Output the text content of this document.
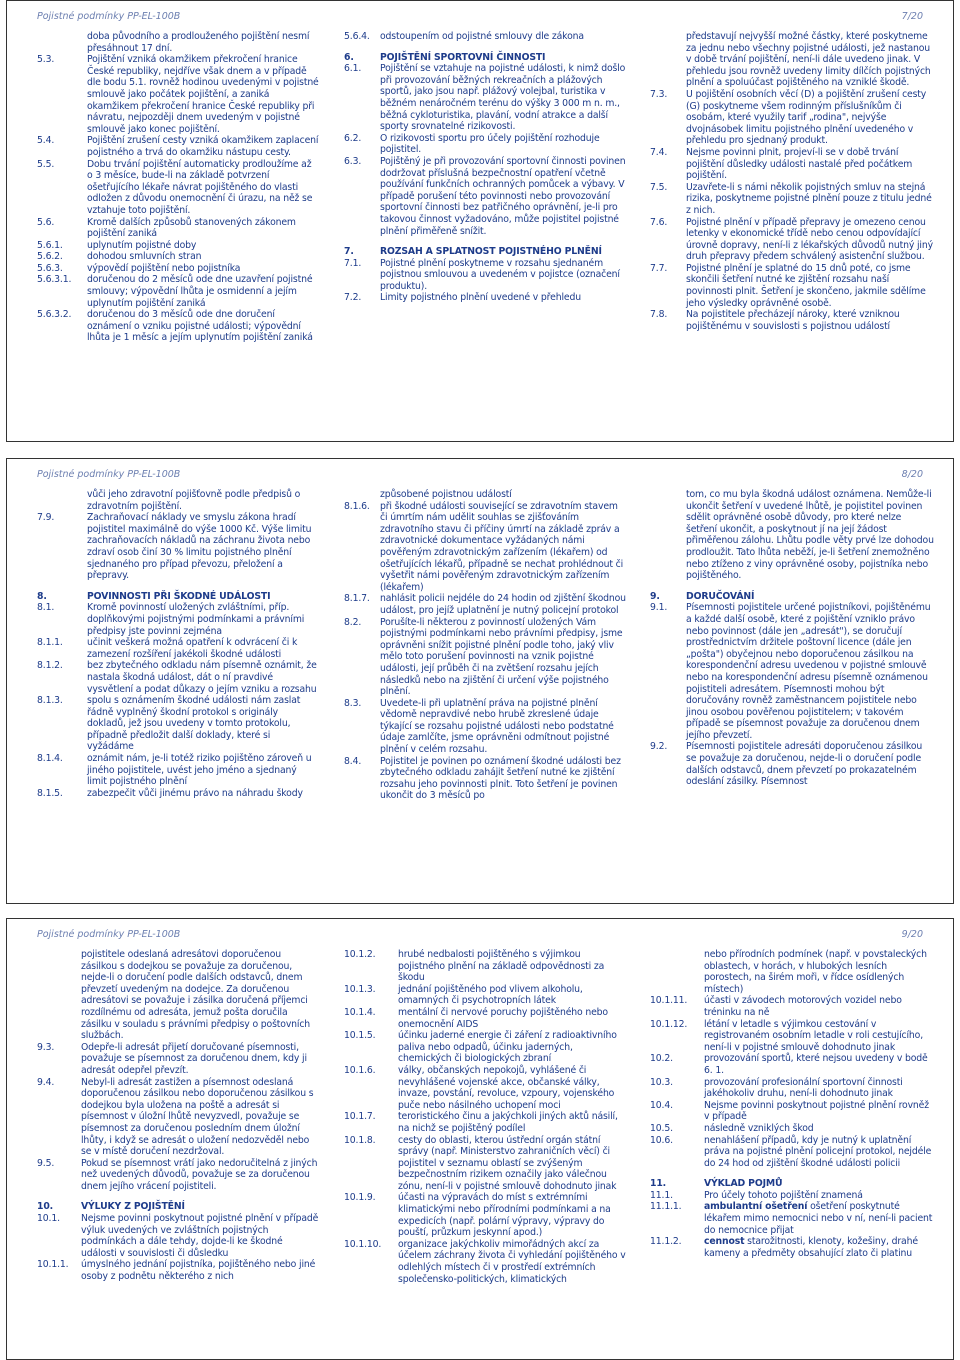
Pojistné podmínky PP-EL-100B	7/20
doba původního a prodlouženého pojištění nesmí přesáhnout 17 dní.
5.3.	Pojištění vzniká okamžikem překročení hranice České republiky, nejdříve však dnem a v případě dle bodu 5.1. rovněž hodinou uvedenými v pojistné smlouvě jako počátek pojištění, a zaniká okamžikem překročení hranice České republiky při návratu, nejpozději dnem uvedeným v pojistné smlouvě jako konec pojištění.
5.4.	Pojištění zrušení cesty vzniká okamžikem zaplacení pojistného a trvá do okamžiku nástupu cesty.
5.5.	Dobu trvání pojištění automaticky prodloužíme až o 3 měsíce, bude-li na základě potvrzení ošetřujícího lékaře návrat pojištěného do vlasti odložen z důvodu onemocnění či úrazu, na něž se vztahuje toto pojištění.
5.6.	Kromě dalších způsobů stanovených zákonem pojištění zaniká
5.6.1.	uplynutím pojistné doby
5.6.2.	dohodou smluvních stran
5.6.3.	výpovědí pojištění nebo pojistníka
5.6.3.1.	doručenou do 2 měsíců ode dne uzavření pojistné smlouvy; výpovědní lhůta je osmidenní a jejím uplynutím pojištění zaniká
5.6.3.2.	doručenou do 3 měsíců ode dne doručení oznámení o vzniku pojistné události; výpovědní lhůta je 1 měsíc a jejím uplynutím pojištění zaniká
5.6.4.	odstoupením od pojistné smlouvy dle zákona
6.	POJIŠTĚNÍ SPORTOVNÍ ČINNOSTI
6.1.	Pojištění se vztahuje na pojistné události, k nimž došlo při provozování běžných rekreačních a plážových sportů, jako jsou např. plážový volejbal, turistika v běžném nenáročném terénu do výšky 3 000 m n. m., běžná cykloturistika, plavání, vodní atrakce a další sporty srovnatelné rizikovosti.
6.2.	O rizikovosti sportu pro účely pojištění rozhoduje pojistitel.
6.3.	Pojištěný je při provozování sportovní činnosti povinen dodržovat příslušná bezpečnostní opatření včetně používání funkčních ochranných pomůcek a výbavy. V případě porušení této povinnosti nebo provozování sportovní činnosti bez patřičného oprávnění, je-li pro takovou činnost vyžadováno, může pojistitel pojistné plnění přiměřeně snížit.
7.	ROZSAH A SPLATNOST POJISTNÉHO PLNĚNÍ
7.1.	Pojistné plnění poskytneme v rozsahu sjednaném pojistnou smlouvou a uvedeném v pojistce (označení produktu).
7.2.	Limity pojistného plnění uvedené v přehledu
představují nejvyšší možné částky, které poskytneme za jednu nebo všechny pojistné události, jež nastanou v době trvání pojištění, není-li dále uvedeno jinak. V přehledu jsou rovněž uvedeny limity dílčích pojistných plnění a spoluúčast pojištěného na vzniklé škodě.
7.3.	U pojištění osobních věcí (D) a pojištění zrušení cesty (G) poskytneme všem rodinným příslušníkům či osobám, které využily tarif „rodina", nejvýše dvojnásobek limitu pojistného plnění uvedeného v přehledu pro sjednaný produkt.
7.4.	Nejsme povinni plnit, projeví-li se v době trvání pojištění důsledky události nastalé před počátkem pojištění.
7.5.	Uzavřete-li s námi několik pojistných smluv na stejná rizika, poskytneme pojistné plnění pouze z titulu jedné z nich.
7.6.	Pojistné plnění v případě přepravy je omezeno cenou letenky v ekonomické třídě nebo cenou odpovídající úrovně dopravy, není-li z lékařských důvodů nutný jiný druh přepravy předem schválený asistenční službou.
7.7.	Pojistné plnění je splatné do 15 dnů poté, co jsme skončili šetření nutné ke zjištění rozsahu naší povinnosti plnit. Šetření je skončeno, jakmile sdělíme jeho výsledky oprávněné osobě.
7.8.	Na pojistitele přecházejí nároky, které vzniknou pojištěnému v souvislosti s pojistnou událostí
Pojistné podmínky PP-EL-100B	8/20
vůči jeho zdravotní pojišťovně podle předpisů o zdravotním pojištění.
7.9.	Zachraňovací náklady ve smyslu zákona hradí pojistitel maximálně do výše 1000 Kč. Výše limitu zachraňovacích nákladů na záchranu života nebo zdraví osob činí 30 % limitu pojistného plnění sjednaného pro případ převozu, přeložení a přepravy.
8.	POVINNOSTI PŘI ŠKODNÉ UDÁLOSTI
8.1.	Kromě povinností uložených zvláštními, příp. doplňkovými pojistnými podmínkami a právními předpisy jste povinni zejména
8.1.1.	učinit veškerá možná opatření k odvrácení či k zamezení rozšíření jakékoli škodné události
8.1.2.	bez zbytečného odkladu nám písemně oznámit, že nastala škodná událost, dát o ní pravdivé vysvětlení a podat důkazy o jejím vzniku a rozsahu
8.1.3.	spolu s oznámením škodné události nám zaslat řádně vyplněný škodní protokol s originály dokladů, jež jsou uvedeny v tomto protokolu, případně předložit další doklady, které si vyžádáme
8.1.4.	oznámit nám, je-li totéž riziko pojištěno zároveň u jiného pojistitele, uvést jeho jméno a sjednaný limit pojistného plnění
8.1.5.	zabezpečit vůči jinému právo na náhradu škody
způsobené pojistnou událostí
8.1.6.	při škodné události související se zdravotním stavem či úmrtím nám udělit souhlas se zjišťováním zdravotního stavu či příčiny úmrtí na základě zpráv a zdravotnické dokumentace vyžádaných námi pověřeným zdravotnickým zařízením (lékařem) od ošetřujících lékařů, případně se nechat prohlédnout či vyšetřit námi pověřeným zdravotnickým zařízením (lékařem)
8.1.7.	nahlásit policii nejdéle do 24 hodin od zjištění škodnou událost, pro jejíž uplatnění je nutný policejní protokol
8.2.	Porušíte-li některou z povinností uložených Vám pojistnými podmínkami nebo právními předpisy, jsme oprávněni snížit pojistné plnění podle toho, jaký vliv mělo toto porušení povinnosti na vznik pojistné události, její průběh či na zvětšení rozsahu jejích následků nebo na zjištění či určení výše pojistného plnění.
8.3.	Uvedete-li při uplatnění práva na pojistné plnění vědomě nepravdivé nebo hrubě zkreslené údaje týkající se rozsahu pojistné události nebo podstatné údaje zamlčíte, jsme oprávněni odmítnout pojistné plnění v celém rozsahu.
8.4.	Pojistitel je povinen po oznámení škodné události bez zbytečného odkladu zahájit šetření nutné ke zjištění rozsahu jeho povinnosti plnit. Toto šetření je povinen ukončit do 3 měsíců po
tom, co mu byla škodná událost oznámena. Nemůže-li ukončit šetření v uvedené lhůtě, je pojistitel povinen sdělit oprávněné osobě důvody, pro které nelze šetření ukončit, a poskytnout jí na její žádost přiměřenou zálohu. Lhůtu podle věty prvé lze dohodou prodloužit. Tato lhůta neběží, je-li šetření znemožněno nebo ztíženo z viny oprávněné osoby, pojistníka nebo pojištěného.
9.	DORUČOVÁNÍ
9.1.	Písemnosti pojistitele určené pojistníkovi, pojištěnému a každé další osobě, které z pojištění vzniklo právo nebo povinnost (dále jen „adresát"), se doručují prostřednictvím držitele poštovní licence (dále jen „pošta") obyčejnou nebo doporučenou zásilkou na korespondenční adresu uvedenou v pojistné smlouvě nebo na korespondenční adresu písemně oznámenou pojistiteli adresátem. Písemnosti mohou být doručovány rovněž zaměstnancem pojistitele nebo jinou osobou pověřenou pojistitelem; v takovém případě se písemnost považuje za doručenou dnem jejího převzetí.
9.2.	Písemnosti pojistitele adresáti doporučenou zásilkou se považuje za doručenou, nejde-li o doručení podle dalších odstavců, dnem převzetí po prokazatelném odeslání zásilky. Písemnost
Pojistné podmínky PP-EL-100B	9/20
pojistitele odeslaná adresátovi doporučenou zásilkou s dodejkou se považuje za doručenou, nejde-li o doručení podle dalších odstavců, dnem převzetí uvedeným na dodejce. Za doručenou adresátovi se považuje i zásilka doručená příjemci rozdílnému od adresáta, jemuž pošta doručila zásilku v souladu s právními předpisy o poštovních službách.
9.3.	Odepře-li adresát přijetí doručované písemnosti, považuje se písemnost za doručenou dnem, kdy ji adresát odepřel převzít.
9.4.	Nebyl-li adresát zastižen a písemnost odeslaná doporučenou zásilkou nebo doporučenou zásilkou s dodejkou byla uložena na poště a adresát si písemnost v úložní lhůtě nevyzvedl, považuje se písemnost za doručenou posledním dnem úložní lhůty, i když se adresát o uložení nedozvěděl nebo se v místě doručení nezdržoval.
9.5.	Pokud se písemnost vrátí jako nedoručitelná z jiných než uvedených důvodů, považuje se za doručenou dnem jejího vrácení pojistiteli.
10.	VÝLUKY Z POJIŠTĚNÍ
10.1.	Nejsme povinni poskytnout pojistné plnění v případě výluk uvedených ve zvláštních pojistných podmínkách a dále tehdy, dojde-li ke škodné události v souvislosti či důsledku
10.1.1.	úmyslného jednání pojistníka, pojištěného nebo jiné osoby z podnětu některého z nich
10.1.2.	hrubé nedbalosti pojištěného s výjimkou pojistného plnění na základě odpovědnosti za škodu
10.1.3.	jednání pojištěného pod vlivem alkoholu, omamných či psychotropních látek
10.1.4.	mentální či nervové poruchy pojištěného nebo onemocnění AIDS
10.1.5.	účinku jaderné energie či záření z radioaktivního paliva nebo odpadů, účinku jaderných, chemických či biologických zbraní
10.1.6.	války, občanských nepokojů, vyhlášené či nevyhlášené vojenské akce, občanské války, invaze, povstání, revoluce, vzpoury, vojenského puče nebo násilného uchopení moci
10.1.7.	teroristického činu a jakýchkoli jiných aktů násilí, na nichž se pojištěný podílel
10.1.8.	cesty do oblasti, kterou ústřední orgán státní správy (např. Ministerstvo zahraničních věcí) či pojistitel v seznamu oblastí se zvýšeným bezpečnostním rizikem označily jako válečnou zónu, není-li v pojistné smlouvě dohodnuto jinak
10.1.9.	účasti na výpravách do míst s extrémními klimatickými nebo přírodními podmínkami a na expedicích (např. polární výpravy, výpravy do pouští, průzkum jeskynní apod.)
10.1.10.	organizace jakýchkoliv mimořádných akcí za účelem záchrany života či vyhledání pojištěného v odlehlých místech či v prostředí extrémních společensko-politických, klimatických
nebo přírodních podmínek (např. v povstaleckých oblastech, v horách, v hlubokých lesních porostech, na širém moři, v řídce osídlených místech)
10.1.11.	účasti v závodech motorových vozidel nebo tréninku na ně
10.1.12.	létání v letadle s výjimkou cestování v registrovaném osobním letadle v roli cestujícího, není-li v pojistné smlouvě dohodnuto jinak
10.2.	provozování sportů, které nejsou uvedeny v bodě 6. 1.
10.3.	provozování profesionální sportovní činnosti jakéhokoliv druhu, není-li dohodnuto jinak
10.4.	Nejsme povinni poskytnout pojistné plnění rovněž v případě
10.5.	následně vzniklých škod
10.6.	nenahlášení případů, kdy je nutný k uplatnění práva na pojistné plnění policejní protokol, nejdéle do 24 hod od zjištění škodné události policii
11.	VÝKLAD POJMŮ
11.1.	Pro účely tohoto pojištění znamená
11.1.1.	ambulantní ošetření ošetření poskytnuté lékařem mimo nemocnici nebo v ní, není-li pacient do nemocnice přijat
11.1.2.	cennost starožitnosti, klenoty, kožešiny, drahé kameny a předměty obsahující zlato či platinu
